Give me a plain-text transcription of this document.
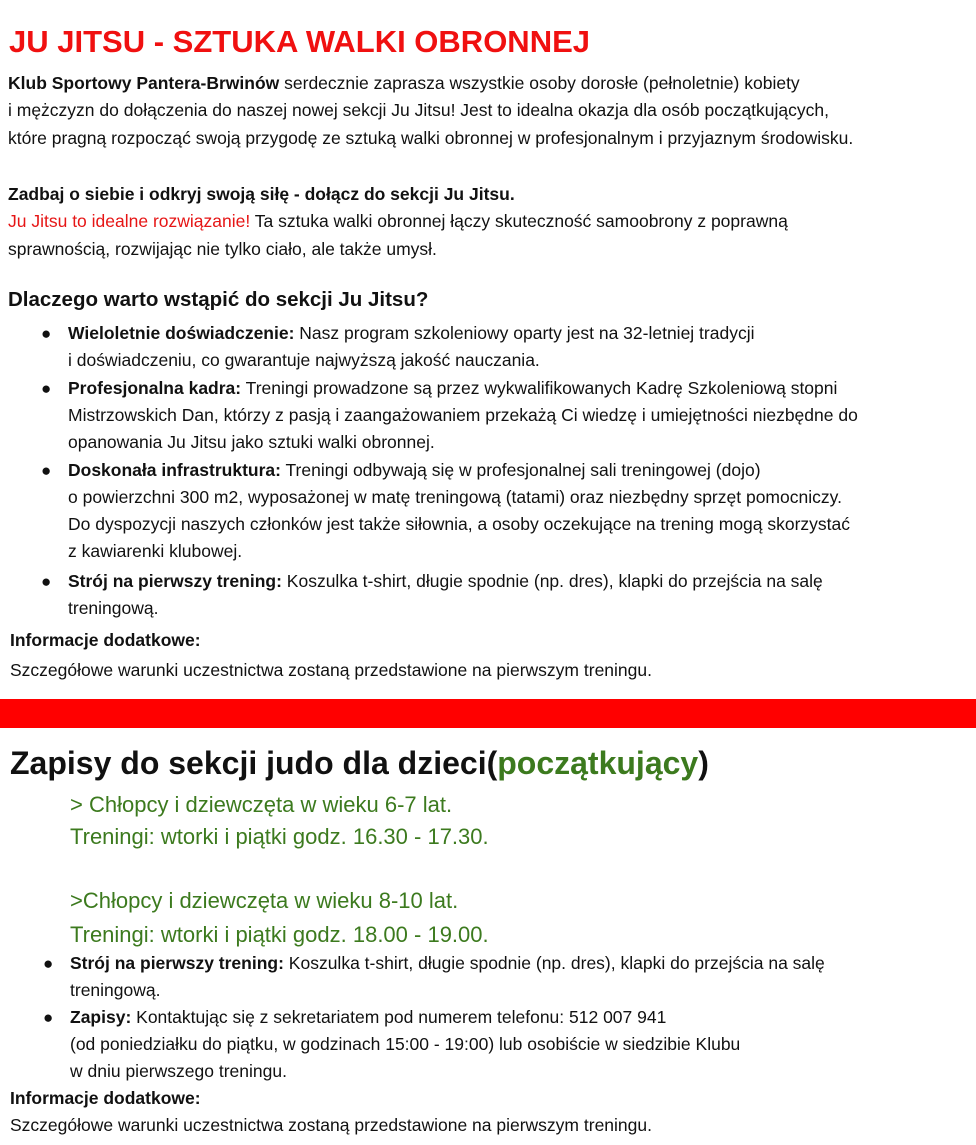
JU JITSU - SZTUKA WALKI OBRONNEJ

Klub Sportowy Pantera-Brwinów serdecznie zaprasza wszystkie osoby dorosłe (pełnoletnie) kobiety

i mężczyzn do dołączenia do naszej nowej sekcji Ju Jitsu! Jest to idealna okazja dla osób początkujących,

które pragną rozpocząć swoją przygodę ze sztuką walki obronnej w profesjonalnym i przyjaznym środowisku.

Zadbaj o siebie i odkryj swoją siłę - dołącz do sekcji Ju Jitsu.

Ju Jitsu to idealne rozwiązanie! Ta sztuka walki obronnej łączy skuteczność samoobrony z poprawną

sprawnością, rozwijając nie tylko ciało, ale także umysł.

Dlaczego warto wstąpić do sekcji Ju Jitsu?

● Wieloletnie doświadczenie: Nasz program szkoleniowy oparty jest na 32-letniej tradycji
i doświadczeniu, co gwarantuje najwyższą jakość nauczania.
● Profesjonalna kadra: Treningi prowadzone są przez wykwalifikowanych Kadrę Szkoleniową stopni
Mistrzowskich Dan, którzy z pasją i zaangażowaniem przekażą Ci wiedzę i umiejętności niezbędne do
opanowania Ju Jitsu jako sztuki walki obronnej.
● Doskonała infrastruktura: Treningi odbywają się w profesjonalnej sali treningowej (dojo)
o powierzchni 300 m2, wyposażonej w matę treningową (tatami) oraz niezbędny sprzęt pomocniczy.
Do dyspozycji naszych członków jest także siłownia, a osoby oczekujące na trening mogą skorzystać
z kawiarenki klubowej.
● Strój na pierwszy trening: Koszulka t-shirt, długie spodnie (np. dres), klapki do przejścia na salę
treningową.

Informacje dodatkowe:

Szczegółowe warunki uczestnictwa zostaną przedstawione na pierwszym treningu.

Zapisy do sekcji judo dla dzieci(początkujący)

> Chłopcy i dziewczęta w wieku 6-7 lat.

Treningi: wtorki i piątki godz. 16.30 - 17.30.

>Chłopcy i dziewczęta w wieku 8-10 lat.

Treningi: wtorki i piątki godz. 18.00 - 19.00.

● Strój na pierwszy trening: Koszulka t-shirt, długie spodnie (np. dres), klapki do przejścia na salę
treningową.
● Zapisy: Kontaktując się z sekretariatem pod numerem telefonu: 512 007 941
(od poniedziałku do piątku, w godzinach 15:00 - 19:00) lub osobiście w siedzibie Klubu
w dniu pierwszego treningu.

Informacje dodatkowe:

Szczegółowe warunki uczestnictwa zostaną przedstawione na pierwszym treningu.
